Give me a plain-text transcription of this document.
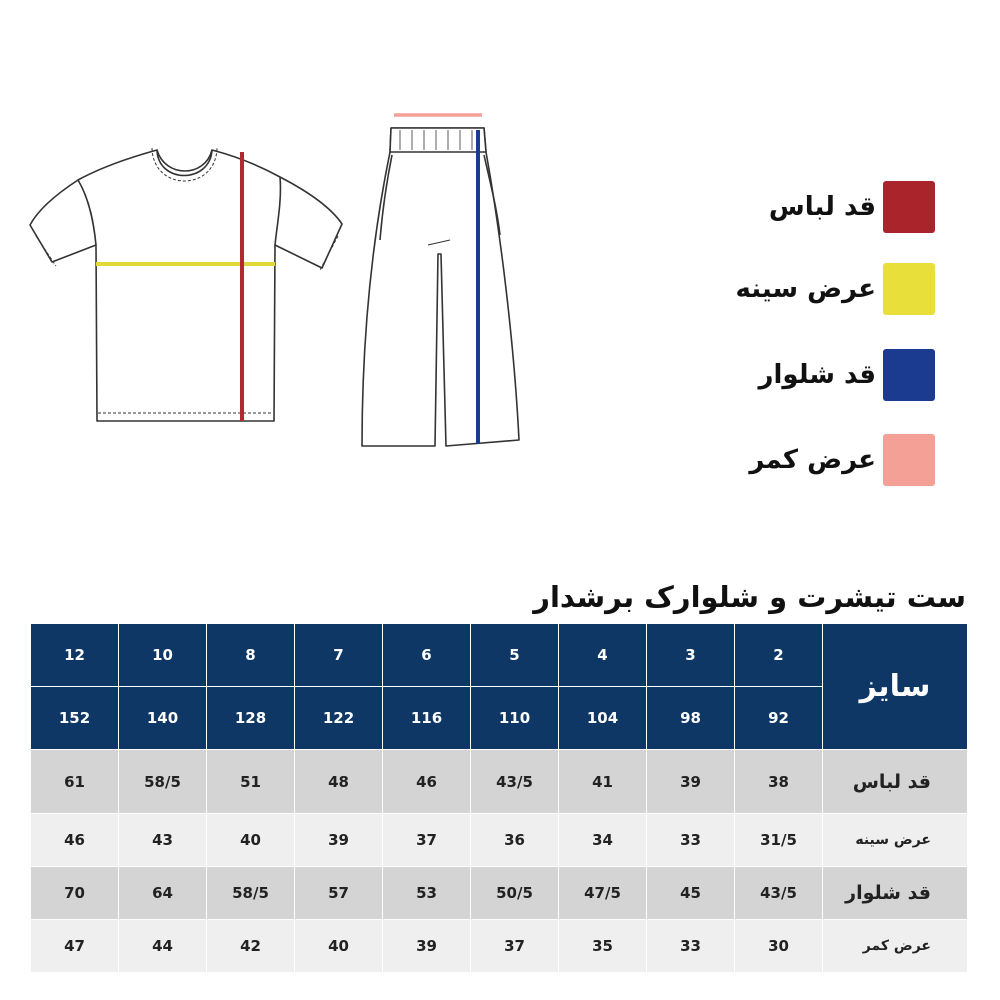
قد لباس
عرض سینه
قد شلوار
عرض کمر
ست تیشرت و شلوارک برشدار
12	10	8	7	6	5	4	3	2	سایز
152	140	128	122	116	110	104	98	92	
61	58/5	51	48	46	43/5	41	39	38	قد لباس
46	43	40	39	37	36	34	33	31/5	عرض سینه
70	64	58/5	57	53	50/5	47/5	45	43/5	قد شلوار
47	44	42	40	39	37	35	33	30	عرض کمر
